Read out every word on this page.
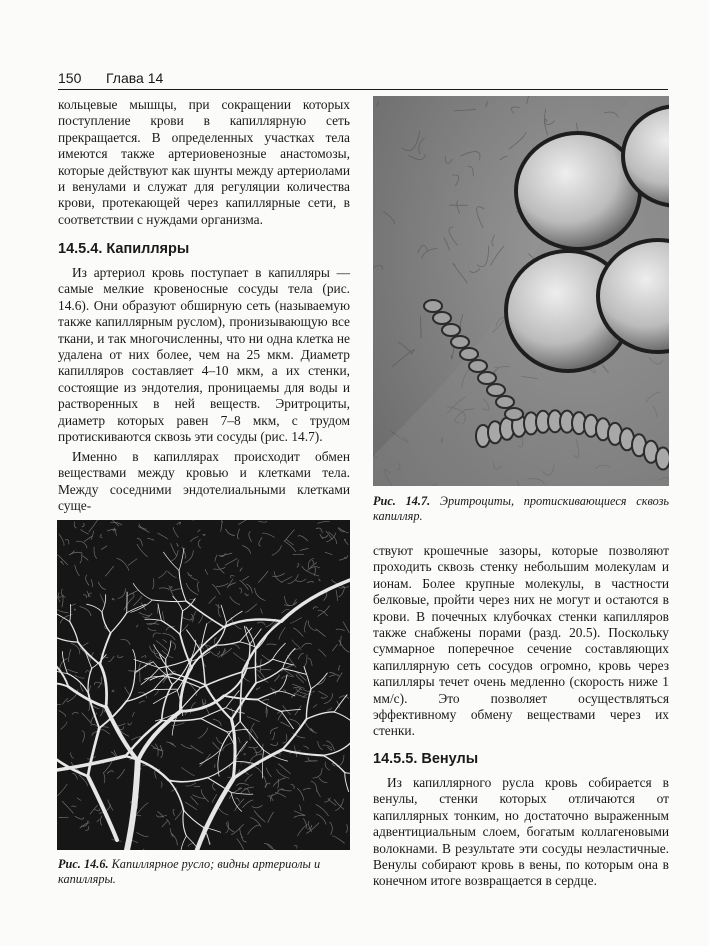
150 Глава 14

кольцевые мышцы, при сокращении которых поступление крови в капиллярную сеть прекращается. В определенных участках тела имеются также артериовенозные анастомозы, которые действуют как шунты между артериолами и венулами и служат для регуляции количества крови, протекающей через капиллярные сети, в соответствии с нуждами организма.

14.5.4. Капилляры

Из артериол кровь поступает в капилляры — самые мелкие кровеносные сосуды тела (рис. 14.6). Они образуют обширную сеть (называемую также капиллярным руслом), пронизывающую все ткани, и так многочисленны, что ни одна клетка не удалена от них более, чем на 25 мкм. Диаметр капилляров составляет 4–10 мкм, а их стенки, состоящие из эндотелия, проницаемы для воды и растворенных в ней веществ. Эритроциты, диаметр которых равен 7–8 мкм, с трудом протискиваются сквозь эти сосуды (рис. 14.7).

Именно в капиллярах происходит обмен веществами между кровью и клетками тела. Между соседними эндотелиальными клетками суще-

Рис. 14.6. Капиллярное русло; видны артериолы и капилляры.

Рис. 14.7. Эритроциты, протискивающиеся сквозь капилляр.

ствуют крошечные зазоры, которые позволяют проходить сквозь стенку небольшим молекулам и ионам. Более крупные молекулы, в частности белковые, пройти через них не могут и остаются в крови. В почечных клубочках стенки капилляров также снабжены порами (разд. 20.5). Поскольку суммарное поперечное сечение составляющих капиллярную сеть сосудов огромно, кровь через капилляры течет очень медленно (скорость ниже 1 мм/с). Это позволяет осуществляться эффективному обмену веществами через их стенки.

14.5.5. Венулы

Из капиллярного русла кровь собирается в венулы, стенки которых отличаются от капиллярных тонким, но достаточно выраженным адвентициальным слоем, богатым коллагеновыми волокнами. В результате эти сосуды неэластичные. Венулы собирают кровь в вены, по которым она в конечном итоге возвращается в сердце.
